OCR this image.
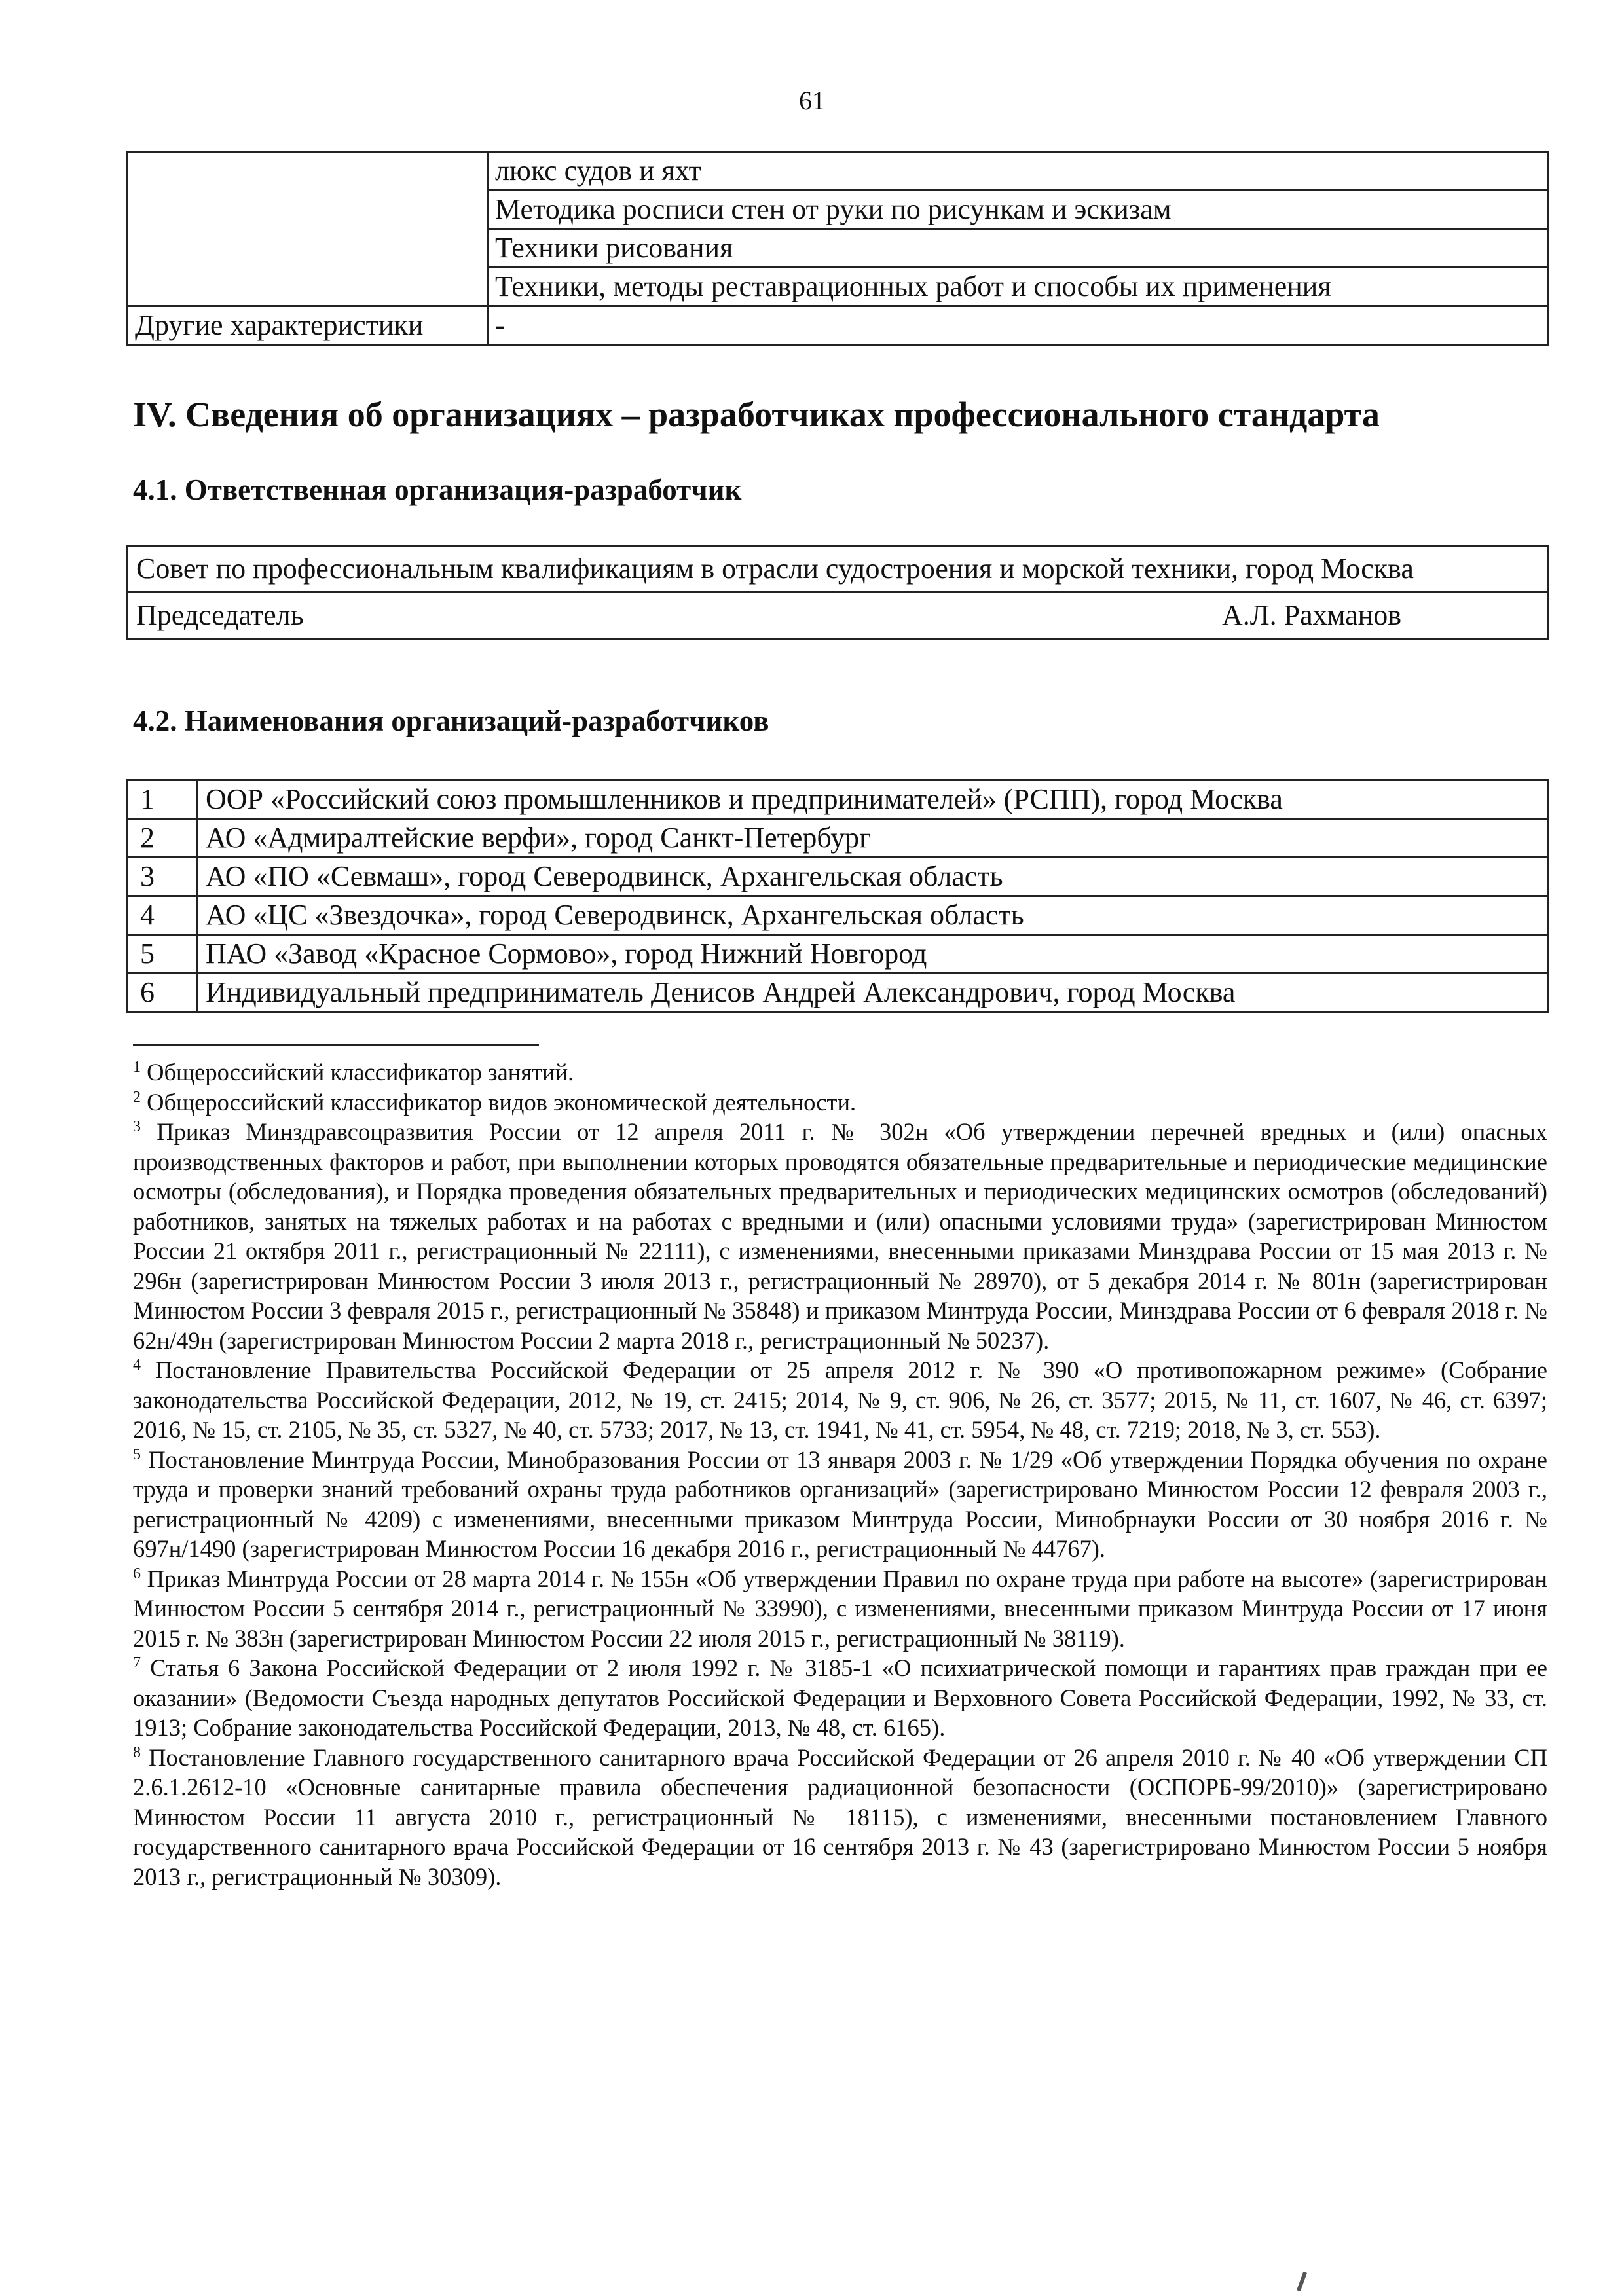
61
	люкс судов и яхт
	Методика росписи стен от руки по рисункам и эскизам
	Техники рисования
	Техники, методы реставрационных работ и способы их применения
Другие характеристики	-
IV. Сведения об организациях – разработчиках профессионального стандарта
4.1. Ответственная организация-разработчик
Совет по профессиональным квалификациям в отрасли судостроения и морской техники, город Москва

Председатель	А.Л. Рахманов
4.2. Наименования организаций-разработчиков
1	ООР «Российский союз промышленников и предпринимателей» (РСПП), город Москва
2	АО «Адмиралтейские верфи», город Санкт-Петербург
3	АО «ПО «Севмаш», город Северодвинск, Архангельская область
4	АО «ЦС «Звездочка», город Северодвинск, Архангельская область
5	ПАО «Завод «Красное Сормово», город Нижний Новгород
6	Индивидуальный предприниматель Денисов Андрей Александрович, город Москва

$^1$ Общероссийский классификатор занятий.

$^2$ Общероссийский классификатор видов экономической деятельности.

$^3$ Приказ Минздравсоцразвития России от 12 апреля 2011 г. № 302н «Об утверждении перечней вредных и (или) опасных производственных факторов и работ, при выполнении которых проводятся обязательные предварительные и периодические медицинские осмотры (обследования), и Порядка проведения обязательных предварительных и периодических медицинских осмотров (обследований) работников, занятых на тяжелых работах и на работах с вредными и (или) опасными условиями труда» (зарегистрирован Минюстом России 21 октября 2011 г., регистрационный № 22111), с изменениями, внесенными приказами Минздрава России от 15 мая 2013 г. № 296н (зарегистрирован Минюстом России 3 июля 2013 г., регистрационный № 28970), от 5 декабря 2014 г. № 801н (зарегистрирован Минюстом России 3 февраля 2015 г., регистрационный № 35848) и приказом Минтруда России, Минздрава России от 6 февраля 2018 г. № 62н/49н (зарегистрирован Минюстом России 2 марта 2018 г., регистрационный № 50237).

$^4$ Постановление Правительства Российской Федерации от 25 апреля 2012 г. № 390 «О противопожарном режиме» (Собрание законодательства Российской Федерации, 2012, № 19, ст. 2415; 2014, № 9, ст. 906, № 26, ст. 3577; 2015, № 11, ст. 1607, № 46, ст. 6397; 2016, № 15, ст. 2105, № 35, ст. 5327, № 40, ст. 5733; 2017, № 13, ст. 1941, № 41, ст. 5954, № 48, ст. 7219; 2018, № 3, ст. 553).

$^5$ Постановление Минтруда России, Минобразования России от 13 января 2003 г. № 1/29 «Об утверждении Порядка обучения по охране труда и проверки знаний требований охраны труда работников организаций» (зарегистрировано Минюстом России 12 февраля 2003 г., регистрационный № 4209) с изменениями, внесенными приказом Минтруда России, Минобрнауки России от 30 ноября 2016 г. № 697н/1490 (зарегистрирован Минюстом России 16 декабря 2016 г., регистрационный № 44767).

$^6$ Приказ Минтруда России от 28 марта 2014 г. № 155н «Об утверждении Правил по охране труда при работе на высоте» (зарегистрирован Минюстом России 5 сентября 2014 г., регистрационный № 33990), с изменениями, внесенными приказом Минтруда России от 17 июня 2015 г. № 383н (зарегистрирован Минюстом России 22 июля 2015 г., регистрационный № 38119).

$^7$ Статья 6 Закона Российской Федерации от 2 июля 1992 г. № 3185-1 «О психиатрической помощи и гарантиях прав граждан при ее оказании» (Ведомости Съезда народных депутатов Российской Федерации и Верховного Совета Российской Федерации, 1992, № 33, ст. 1913; Собрание законодательства Российской Федерации, 2013, № 48, ст. 6165).

$^8$ Постановление Главного государственного санитарного врача Российской Федерации от 26 апреля 2010 г. № 40 «Об утверждении СП 2.6.1.2612-10 «Основные санитарные правила обеспечения радиационной безопасности (ОСПОРБ-99/2010)» (зарегистрировано Минюстом России 11 августа 2010 г., регистрационный № 18115), с изменениями, внесенными постановлением Главного государственного санитарного врача Российской Федерации от 16 сентября 2013 г. № 43 (зарегистрировано Минюстом России 5 ноября 2013 г., регистрационный № 30309).
